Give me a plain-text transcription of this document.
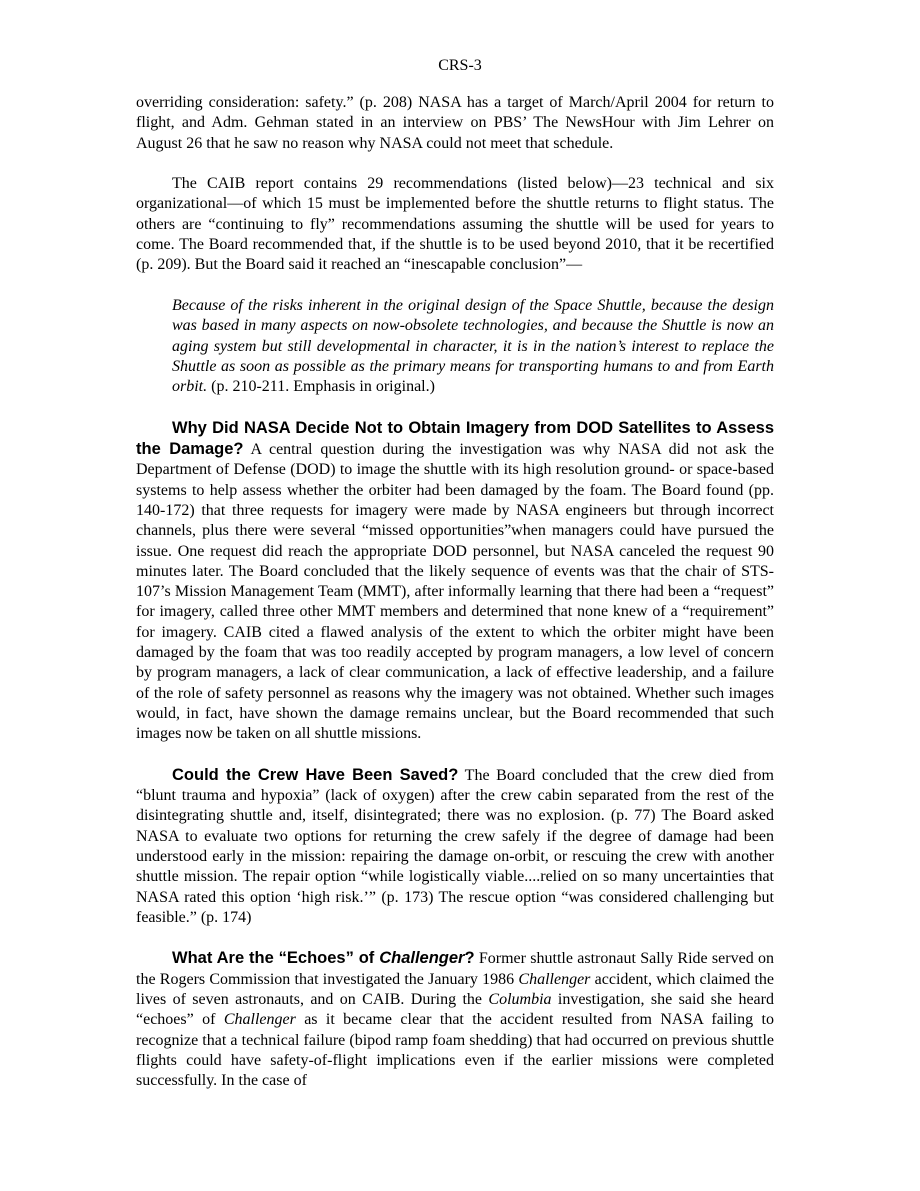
CRS-3

overriding consideration: safety.” (p. 208) NASA has a target of March/April 2004 for return to flight, and Adm. Gehman stated in an interview on PBS’ The NewsHour with Jim Lehrer on August 26 that he saw no reason why NASA could not meet that schedule.

The CAIB report contains 29 recommendations (listed below)—23 technical and six organizational—of which 15 must be implemented before the shuttle returns to flight status. The others are “continuing to fly” recommendations assuming the shuttle will be used for years to come. The Board recommended that, if the shuttle is to be used beyond 2010, that it be recertified (p. 209). But the Board said it reached an “inescapable conclusion”—

Because of the risks inherent in the original design of the Space Shuttle, because the design was based in many aspects on now-obsolete technologies, and because the Shuttle is now an aging system but still developmental in character, it is in the nation’s interest to replace the Shuttle as soon as possible as the primary means for transporting humans to and from Earth orbit. (p. 210-211. Emphasis in original.)

Why Did NASA Decide Not to Obtain Imagery from DOD Satellites to Assess the Damage? A central question during the investigation was why NASA did not ask the Department of Defense (DOD) to image the shuttle with its high resolution ground- or space-based systems to help assess whether the orbiter had been damaged by the foam. The Board found (pp. 140-172) that three requests for imagery were made by NASA engineers but through incorrect channels, plus there were several “missed opportunities”when managers could have pursued the issue. One request did reach the appropriate DOD personnel, but NASA canceled the request 90 minutes later. The Board concluded that the likely sequence of events was that the chair of STS-107’s Mission Management Team (MMT), after informally learning that there had been a “request” for imagery, called three other MMT members and determined that none knew of a “requirement” for imagery. CAIB cited a flawed analysis of the extent to which the orbiter might have been damaged by the foam that was too readily accepted by program managers, a low level of concern by program managers, a lack of clear communication, a lack of effective leadership, and a failure of the role of safety personnel as reasons why the imagery was not obtained. Whether such images would, in fact, have shown the damage remains unclear, but the Board recommended that such images now be taken on all shuttle missions.

Could the Crew Have Been Saved? The Board concluded that the crew died from “blunt trauma and hypoxia” (lack of oxygen) after the crew cabin separated from the rest of the disintegrating shuttle and, itself, disintegrated; there was no explosion. (p. 77) The Board asked NASA to evaluate two options for returning the crew safely if the degree of damage had been understood early in the mission: repairing the damage on-orbit, or rescuing the crew with another shuttle mission. The repair option “while logistically viable....relied on so many uncertainties that NASA rated this option ‘high risk.’” (p. 173) The rescue option “was considered challenging but feasible.” (p. 174)

What Are the “Echoes” of Challenger? Former shuttle astronaut Sally Ride served on the Rogers Commission that investigated the January 1986 Challenger accident, which claimed the lives of seven astronauts, and on CAIB. During the Columbia investigation, she said she heard “echoes” of Challenger as it became clear that the accident resulted from NASA failing to recognize that a technical failure (bipod ramp foam shedding) that had occurred on previous shuttle flights could have safety-of-flight implications even if the earlier missions were completed successfully. In the case of
